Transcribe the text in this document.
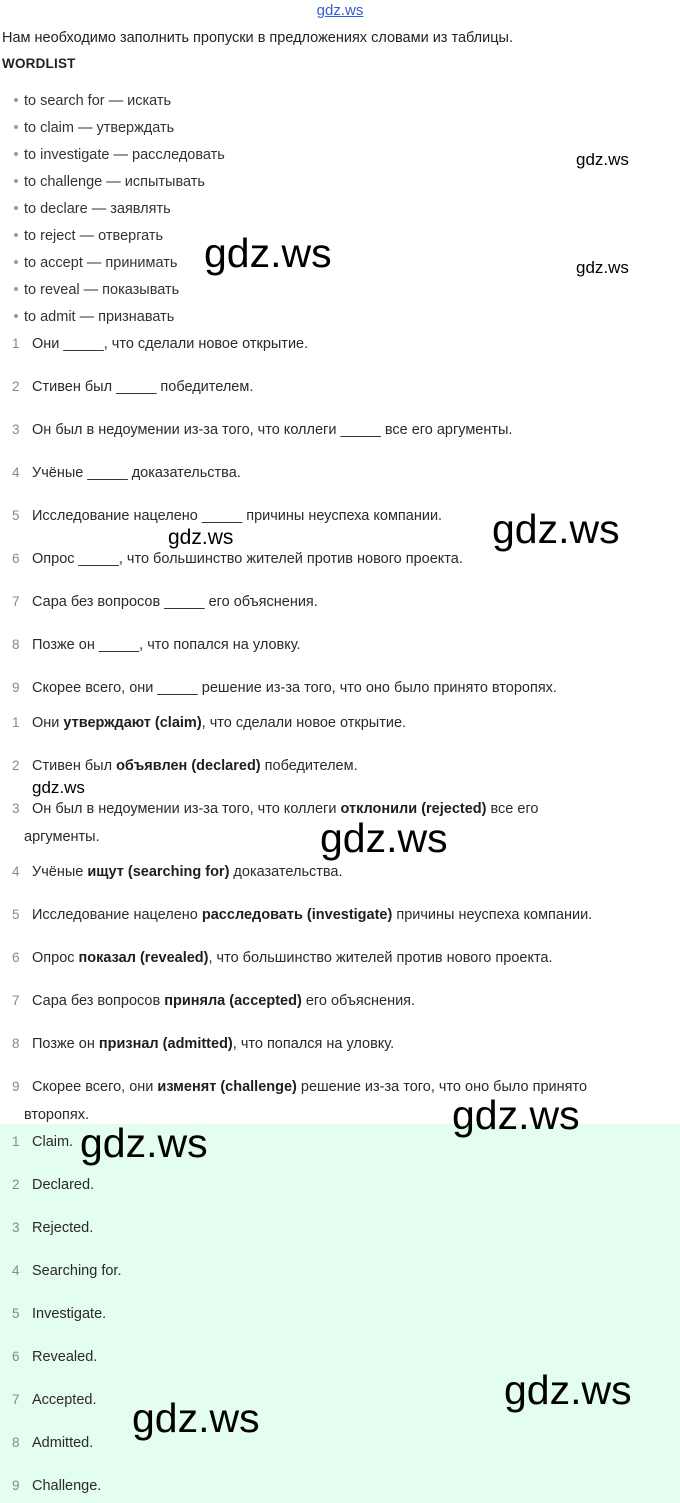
gdz.ws
Нам необходимо заполнить пропуски в предложениях словами из таблицы.
WORDLIST
to search for — искать
to claim — утверждать
to investigate — расследовать
to challenge — испытывать
to declare — заявлять
to reject — отвергать
to accept — принимать
to reveal — показывать
to admit — признавать
1 Они _____, что сделали новое открытие.
2 Стивен был _____ победителем.
3 Он был в недоумении из-за того, что коллеги _____ все его аргументы.
4 Учёные _____ доказательства.
5 Исследование нацелено _____ причины неуспеха компании.
6 Опрос _____, что большинство жителей против нового проекта.
7 Сара без вопросов _____ его объяснения.
8 Позже он _____, что попался на уловку.
9 Скорее всего, они _____ решение из-за того, что оно было принято второпях.
1 Они утверждают (claim), что сделали новое открытие.
2 Стивен был объявлен (declared) победителем.
3 Он был в недоумении из-за того, что коллеги отклонили (rejected) все его
аргументы.
4 Учёные ищут (searching for) доказательства.
5 Исследование нацелено расследовать (investigate) причины неуспеха компании.
6 Опрос показал (revealed), что большинство жителей против нового проекта.
7 Сара без вопросов приняла (accepted) его объяснения.
8 Позже он признал (admitted), что попался на уловку.
9 Скорее всего, они изменят (challenge) решение из-за того, что оно было принято
второпях.
1 Claim.
2 Declared.
3 Rejected.
4 Searching for.
5 Investigate.
6 Revealed.
7 Accepted.
8 Admitted.
9 Challenge.
gdz.ws
gdz.ws	gdz.ws
gdz.ws
gdz.ws
gdz.ws
gdz.ws
gdz.ws
gdz.ws
gdz.ws
gdz.ws
